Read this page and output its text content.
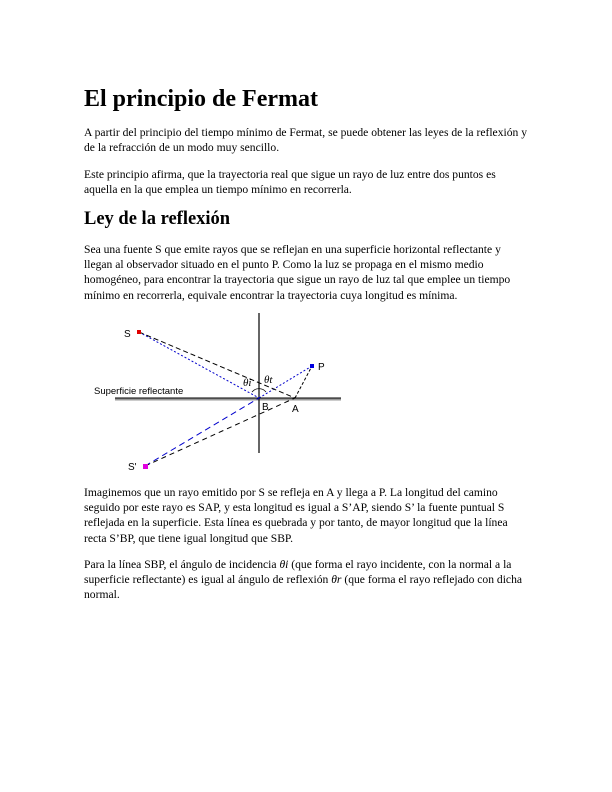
El principio de Fermat

A partir del principio del tiempo mínimo de Fermat, se puede obtener las leyes de la reflexión y de la refracción de un modo muy sencillo.

Este principio afirma, que la trayectoria real que sigue un rayo de luz entre dos puntos es aquella en la que emplea un tiempo mínimo en recorrerla.

Ley de la reflexión

Sea una fuente S que emite rayos que se reflejan en una superficie horizontal reflectante y llegan al observador situado en el punto P. Como la luz se propaga en el mismo medio homogéneo, para encontrar la trayectoria que sigue un rayo de luz tal que emplee un tiempo mínimo en recorrerla, equivale encontrar la trayectoria cuya longitud es mínima.

Imaginemos que un rayo emitido por S se refleja en A y llega a P. La longitud del camino seguido por este rayo es SAP, y esta longitud es igual a S’AP, siendo S’ la fuente puntual S reflejada en la superficie. Esta línea es quebrada y por tanto, de mayor longitud que la línea recta S’BP, que tiene igual longitud que SBP.

Para la línea SBP, el ángulo de incidencia θi (que forma el rayo incidente, con la normal a la superficie reflectante) es igual al ángulo de reflexión θr (que forma el rayo reflejado con dicha normal.

S
P
S'
B A
θi θt
Superficie reflectante
